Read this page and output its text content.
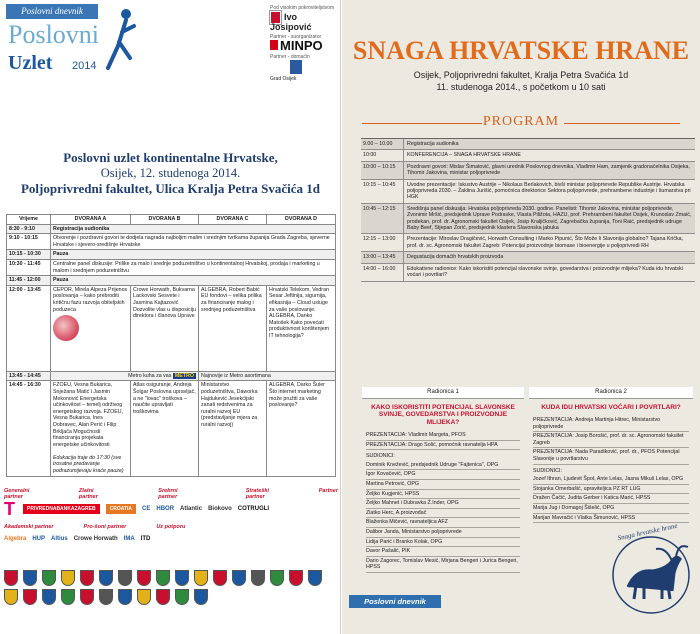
Poslovni dnevnik
Poslovni
Uzlet 2014
Pod visokim pokroviteljstvom
Ivo Josipović
Partner - suorganizator
MINPO
Partner - domaćin

Grad Osijek
Poslovni uzlet kontinentalne Hrvatske,
Osijek, 12. studenoga 2014.
Poljoprivredni fakultet, Ulica Kralja Petra Svačića 1d
Vrijeme	DVORANA A	DVORANA B	DVORANA C	DVORANA D
8:30 - 9:10	Registracija sudionika			
9:10 - 10:15	Otvorenje i pozdravni govori te dodjela nagrada najboljim malim i srednjim tvrtkama županija Grada Zagreba, sjeverne Hrvatske i sjevero-središnje Hrvatske			
10:15 - 10:30	Pauza			
10:30 - 11:45	Centralne panel diskusije: Prilike za malo i srednje poduzetništvo u kontinentalnoj Hrvatskoj, prodaja i marketing u malom i srednjem poduzetništvu			
11:45 - 12:00	Pauza			
12:00 - 13:45	CEPOR, Mirela Alpeza Prijenos poslovanja – kako prebroditi kritičnu fazu razvoja obiteljskih poduzeća	Crowe Horwath, Bukvarna Lackovski Sesvete i Jasmina Kajtazović Dozvolite vlas u disposiciju direktora i članova Uprave	ALGEBRA, Robert Babić EU fondovi – velika prilika za financiranje malog i srednjeg poduzetništva	Hrvatski Telekom, Vedran Sesar Jeftinija, sigurnija, efikasnija – Cloud usluge za vaše poslovanje. ALGEBRA, Danko Matošek Kako povećati produktivnost korištenjem IT tehnologija?
13:45 - 14:45	Metro kuha za vas METRO		Najnovije iz Metro asortimana	
14:45 - 16:30	FZOEU, Vesna Bukarica, Snježana Matić i Jasmin Mekonović Energetska učinkovitost – temelj održivog energetskog razvoja. FZOEU, Vesna Bukarica, Ines Dobravec, Alan Perić i Filip Brkljača Mogućnosti financiranja projekata energetske učinkovitosti

Edukacija traje do 17:30 (sve trosatne predavanje podrazumijevaju kraće pauze)	Atlas osiguranje, Andreja Šolgar Poslovna upravljač, a ne "lovac" troškova – naučite upravljati troškovima	Ministarstvo poduzetništva, Daworka Hajdukević Jesekćijski zanati redstvenima za ruralni razvoj EU (predstavljanje mjera za ruralni razvoj)	ALGEBRA, Darko Šuler Što internet marketing može pružiti za vaše poslovanje?
Generalni partner
Zlatni partner
Srebrni partner
Strateški partner
Partner
T	PRIVREDNABANKAZAGREB	CROATIA	CE HBOR Atlantic Biokovo COTRUGLI
Akademski partner	Pro-šoni partner	Uz potporu
Algebra HUP Altius Crowe Horwath IMA ITD
SNAGA HRVATSKE HRANE
Osijek, Poljoprivredni fakultet, Kralja Petra Svačića 1d
11. studenoga 2014., s početkom u 10 sati
PROGRAM
9.00 – 10.00	Registracija sudionika
10:00	KONFERENCIJA – SNAGA HRVATSKE HRANE
10:00 – 10:15	Pozdravni govori: Mislav Šimatović, glavni urednik Poslovnog dnevnika, Vladimir Ham, zamjenik gradonačelnika Osijeka, Tihomir Jakovina, ministar poljoprivrede
10:15 – 10:45	Uvodne prezentacije: Iskustvo Austrije – Nikolaus Berlakovich, bivši ministar poljoprivrede Republike Austrije. Hrvatska poljoprivreda 2030. – Žaklina Jurišić, pomoćnica direktorice Sektora poljoprivrede, prehrambene industrije i šumarstva pri HGK
10:45 – 12:15	Središnja panel diskusija: Hrvatska poljoprivreda 2030. godine. Panelisti: Tihomir Jakovina, ministar poljoprivrede, Zvonimir Mršić, predsjednik Uprave Podravke, Vlasta Piližota, HAZU, prof. Prehrambeni fakultet Osijek, Krunoslav Zmaić, prodekan, prof. dr. Agronomski fakultet Osijek, Josip Kraljičković, Zagrebačka županija, Toni Raić, predsjednik udruge Baby Beef, Stjepan Zorić, predsjednik klastera Slavonska jabuka
12:15 – 13:00	Prezentacije: Miroslav Dragičević, Horwath Consulting i Marko Pipunić, Što Može li Slavonija globalno? Tajana Krička, prof. dr. sc. Agronomski fakultet Zagreb: Potencijal proizvodnje biomase i bioenergije u poljoprivredi RH
13:00 – 13:45	Degustacija domaćih hrvatskih proizvoda
14:00 – 16:00	Edukativne radionice: Kako iskoristiti potencijal slavonske svinje, govedarstva i proizvodnje mlijeka? Kuda idu hrvatski voćari i povrtlari?
Radionica 1
KAKO ISKORISTITI POTENCIJAL SLAVONSKE SVINJE, GOVEDARSTVA I PROIZVODNJE MLIJEKA?
PREZENTACIJA: Vladimir Margeta, PFOS
PREZENTACIJA: Drago Solić, pomoćnik ravnatelja HPA
SUDIONICI:
Dominik Knežević, predsjednik Udruge "Fajtenica", OPG
Igor Kovačević, OPG
Martina Petrović, OPG
Željko Kugjenić, HPSS
Željko Mahnet i Dubravka Ž.Inder, OPG
Zlatko Herc, A.proizvođač
Blaženka Mičević, ravnateljica AFZ
Dalibor Janda, Ministarstvo poljoprivrede
Lidija Parić i Branko Kolak, OPG
Davor Pašalić, PIK
Dario Zagorec, Tomislav Mesić, Mirjana Bengeri i Jurica Bengeri, HPSS
Radionica 2
KUDA IDU HRVATSKI VOĆARI I POVRTLARI?
PREZENTACIJA: Andreja Martinja Hitrec, Ministarstvo poljoprivrede
PREZENTACIJA: Josip Borošić, prof. dr. sc. Agronomski fakultet Zagreb
PREZENTACIJA: Nada Paradiković, prof. dr., PFOS Potencijal Slavonije u povrtlarstvu
SUDIONICI:
Jozef Ithran, Ljudevit Špot, Ante Lelas, Jasna Mikuš Lelas, OPG
Stojanka Omerbašić, upraviteljica PZ RT LUG
Dražen Čačić, Judita Gerber i Katica Marić, HPSS
Marija Jug i Domagoj Šišelić, OPG
Marijan Mavračić i Vlatka Šimunović, HPSS
Poslovni dnevnik
Snaga hrvatske hrane
